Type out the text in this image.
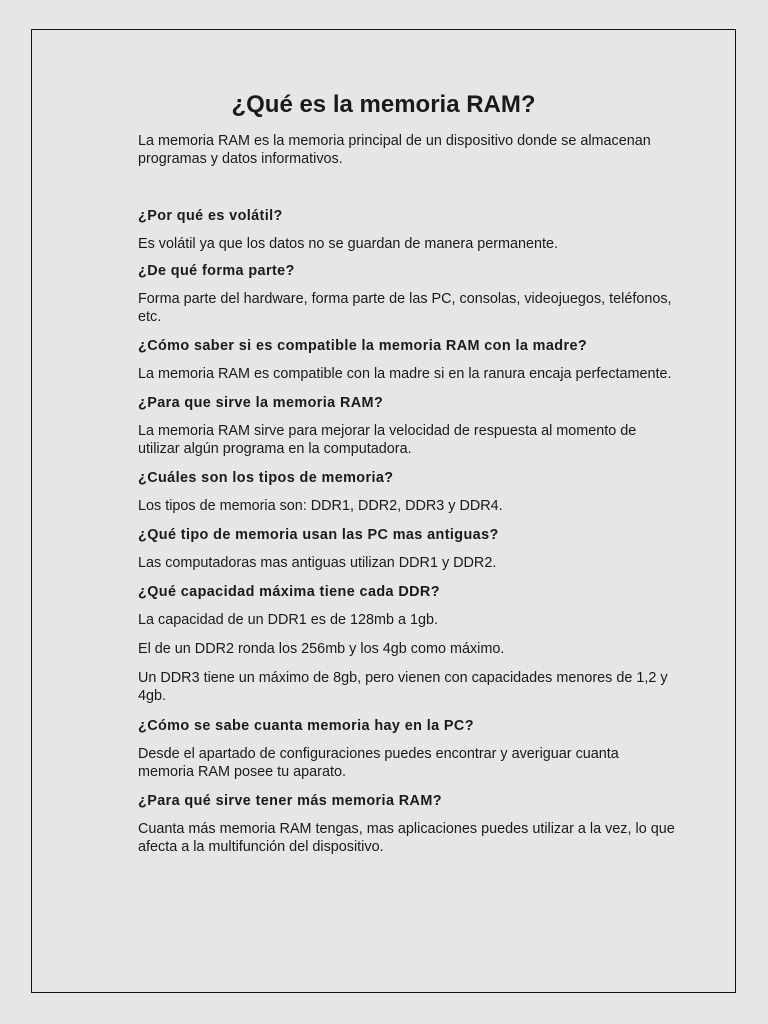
¿Qué es la memoria RAM?

La memoria RAM es la memoria principal de un dispositivo donde se almacenan programas y datos informativos.

¿Por qué es volátil?

Es volátil ya que los datos no se guardan de manera permanente.

¿De qué forma parte?

Forma parte del hardware, forma parte de las PC, consolas, videojuegos, teléfonos, etc.

¿Cómo saber si es compatible la memoria RAM con la madre?

La memoria RAM es compatible con la madre si en la ranura encaja perfectamente.

¿Para que sirve la memoria RAM?

La memoria RAM sirve para mejorar la velocidad de respuesta al momento de utilizar algún programa en la computadora.

¿Cuáles son los tipos de memoria?

Los tipos de memoria son: DDR1, DDR2, DDR3 y DDR4.

¿Qué tipo de memoria usan las PC mas antiguas?

Las computadoras mas antiguas utilizan DDR1 y DDR2.

¿Qué capacidad máxima tiene cada DDR?

La capacidad de un DDR1 es de 128mb a 1gb.

El de un DDR2 ronda los 256mb y los 4gb como máximo.

Un DDR3 tiene un máximo de 8gb, pero vienen con capacidades menores de 1,2 y 4gb.

¿Cómo se sabe cuanta memoria hay en la PC?

Desde el apartado de configuraciones puedes encontrar y averiguar cuanta memoria RAM posee tu aparato.

¿Para qué sirve tener más memoria RAM?

Cuanta más memoria RAM tengas, mas aplicaciones puedes utilizar a la vez, lo que afecta a la multifunción del dispositivo.
